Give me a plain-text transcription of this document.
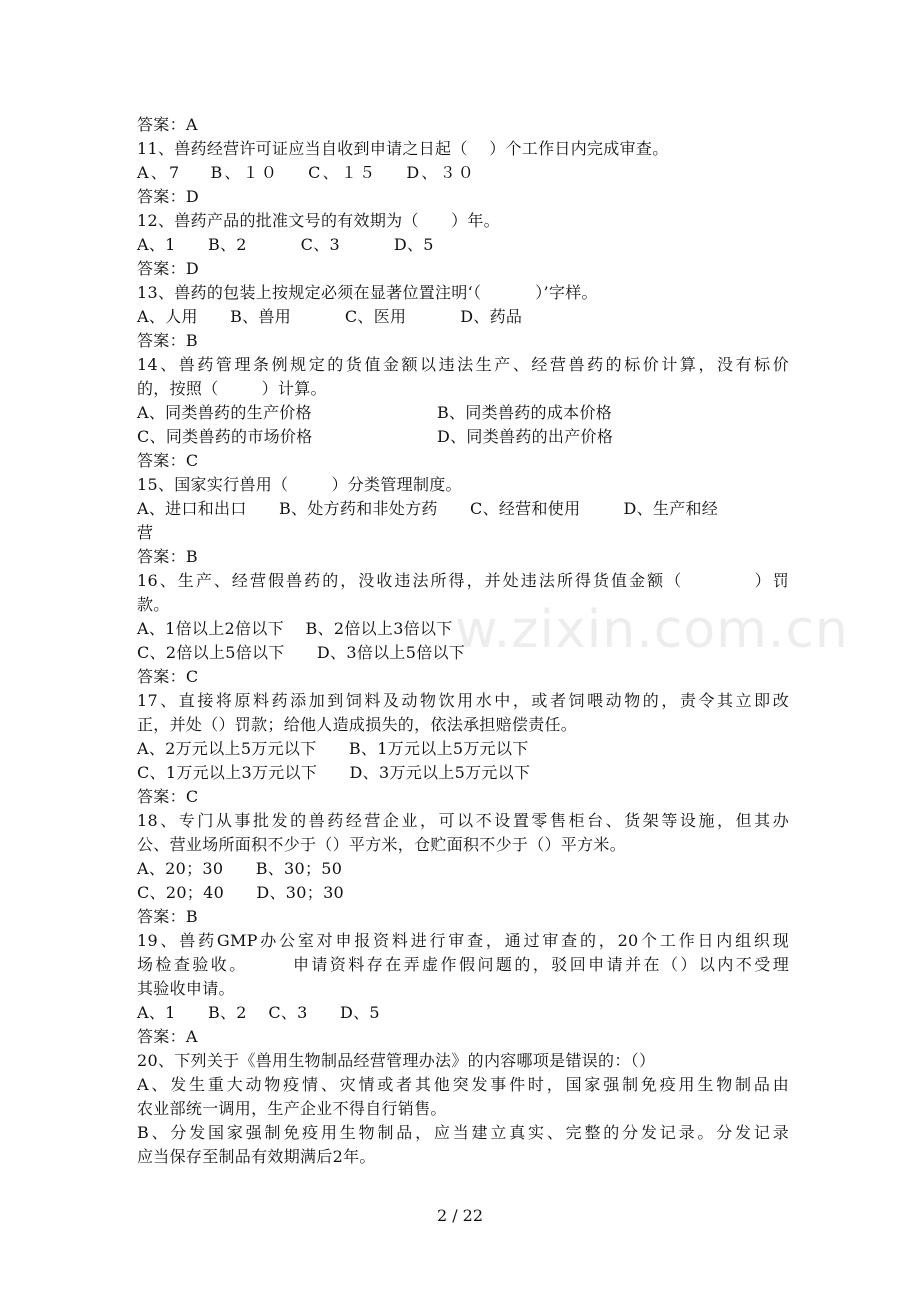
w.zixin.com.cn
答案：A
11、兽药经营许可证应当自收到申请之日起（    ）个工作日内完成审查。
A、7    B、１０    C、１５    D、３０
答案：D
12、兽药产品的批准文号的有效期为（      ）年。
A、1      B、2          C、3          D、5
答案：D
13、兽药的包装上按规定必须在显著位置注明‘（          ）’字样。
A、人用      B、兽用          C、医用          D、药品
答案：B
14、兽药管理条例规定的货值金额以违法生产、经营兽药的标价计算，没有标价
的，按照（        ）计算。
A、同类兽药的生产价格	B、同类兽药的成本价格
C、同类兽药的市场价格	D、同类兽药的出产价格
答案：C
15、国家实行兽用（        ）分类管理制度。
A、进口和出口      B、处方药和非处方药      C、经营和使用        D、生产和经
营
答案：B
16、生产、经营假兽药的，没收违法所得，并处违法所得货值金额（          ）罚
款。
A、1倍以上2倍以下    B、2倍以上3倍以下
C、2倍以上5倍以下      D、3倍以上5倍以下
答案：C
17、直接将原料药添加到饲料及动物饮用水中，或者饲喂动物的，责令其立即改
正，并处（）罚款；给他人造成损失的，依法承担赔偿责任。
A、2万元以上5万元以下      B、1万元以上5万元以下
C、1万元以上3万元以下      D、3万元以上5万元以下
答案：C
18、专门从事批发的兽药经营企业，可以不设置零售柜台、货架等设施，但其办
公、营业场所面积不少于（）平方米，仓贮面积不少于（）平方米。
A、20；30      B、30；50
C、20；40      D、30；30
答案：B
19、兽药GMP办公室对申报资料进行审查，通过审查的，20个工作日内组织现
场检查验收。      申请资料存在弄虚作假问题的，驳回申请并在（）以内不受理
其验收申请。
A、1      B、2    C、3      D、5
答案：A
20、下列关于《兽用生物制品经营管理办法》的内容哪项是错误的：（）
A、发生重大动物疫情、灾情或者其他突发事件时，国家强制免疫用生物制品由
农业部统一调用，生产企业不得自行销售。
B、分发国家强制免疫用生物制品，应当建立真实、完整的分发记录。分发记录
应当保存至制品有效期满后2年。
2 / 22
